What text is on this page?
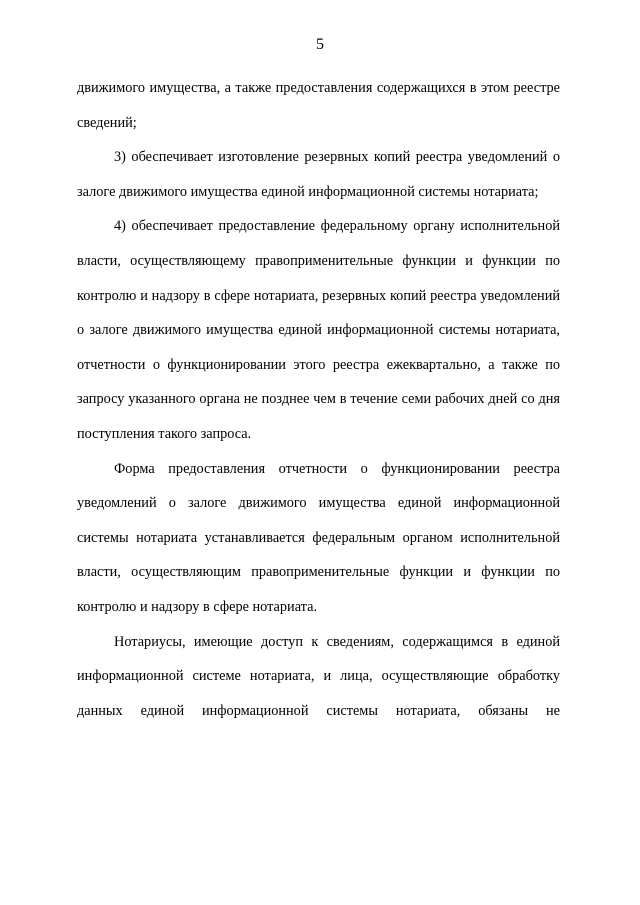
5

движимого имущества, а также предоставления содержащихся в этом реестре сведений;

3) обеспечивает изготовление резервных копий реестра уведомлений о залоге движимого имущества единой информационной системы нотариата;

4) обеспечивает предоставление федеральному органу исполнительной власти, осуществляющему правоприменительные функции и функции по контролю и надзору в сфере нотариата, резервных копий реестра уведомлений о залоге движимого имущества единой информационной системы нотариата, отчетности о функционировании этого реестра ежеквартально, а также по запросу указанного органа не позднее чем в течение семи рабочих дней со дня поступления такого запроса.

Форма предоставления отчетности о функционировании реестра уведомлений о залоге движимого имущества единой информационной системы нотариата устанавливается федеральным органом исполнительной власти, осуществляющим правоприменительные функции и функции по контролю и надзору в сфере нотариата.

Нотариусы, имеющие доступ к сведениям, содержащимся в единой информационной системе нотариата, и лица, осуществляющие обработку данных единой информационной системы нотариата, обязаны не
